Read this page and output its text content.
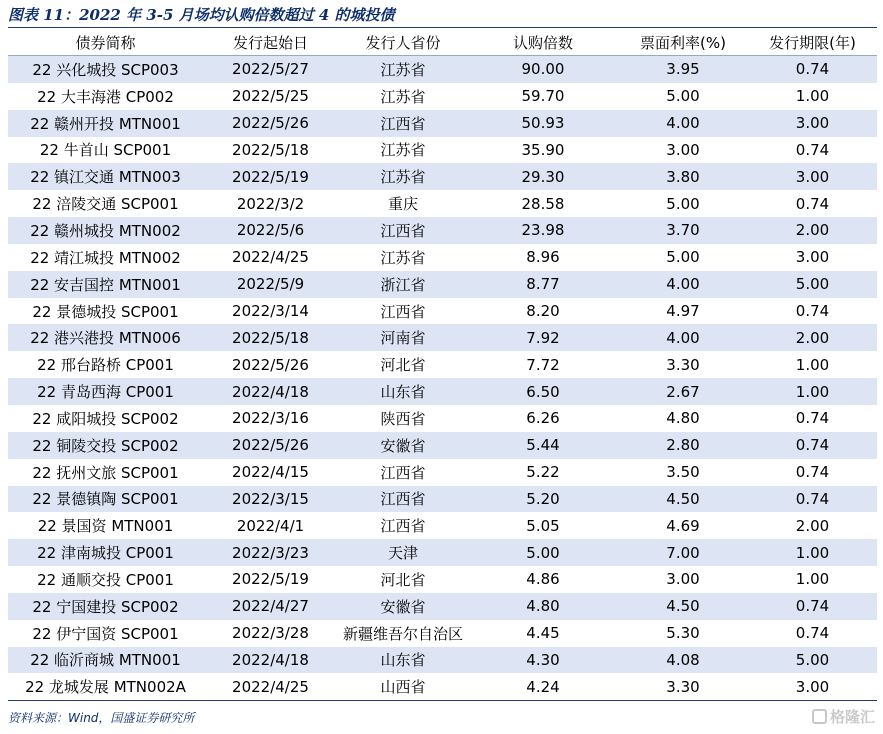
图表 11：2022 年 3-5 月场均认购倍数超过 4 的城投债
债券简称	发行起始日	发行人省份	认购倍数	票面利率(%)	发行期限(年)
22 兴化城投 SCP003	2022/5/27	江苏省	90.00	3.95	0.74
22 大丰海港 CP002	2022/5/25	江苏省	59.70	5.00	1.00
22 赣州开投 MTN001	2022/5/26	江西省	50.93	4.00	3.00
22 牛首山 SCP001	2022/5/18	江苏省	35.90	3.00	0.74
22 镇江交通 MTN003	2022/5/19	江苏省	29.30	3.80	3.00
22 涪陵交通 SCP001	2022/3/2	重庆	28.58	5.00	0.74
22 赣州城投 MTN002	2022/5/6	江西省	23.98	3.70	2.00
22 靖江城投 MTN002	2022/4/25	江苏省	8.96	5.00	3.00
22 安吉国控 MTN001	2022/5/9	浙江省	8.77	4.00	5.00
22 景德城投 SCP001	2022/3/14	江西省	8.20	4.97	0.74
22 港兴港投 MTN006	2022/5/18	河南省	7.92	4.00	2.00
22 邢台路桥 CP001	2022/5/26	河北省	7.72	3.30	1.00
22 青岛西海 CP001	2022/4/18	山东省	6.50	2.67	1.00
22 咸阳城投 SCP002	2022/3/16	陕西省	6.26	4.80	0.74
22 铜陵交投 SCP002	2022/5/26	安徽省	5.44	2.80	0.74
22 抚州文旅 SCP001	2022/4/15	江西省	5.22	3.50	0.74
22 景德镇陶 SCP001	2022/3/15	江西省	5.20	4.50	0.74
22 景国资 MTN001	2022/4/1	江西省	5.05	4.69	2.00
22 津南城投 CP001	2022/3/23	天津	5.00	7.00	1.00
22 通顺交投 CP001	2022/5/19	河北省	4.86	3.00	1.00
22 宁国建投 SCP002	2022/4/27	安徽省	4.80	4.50	0.74
22 伊宁国资 SCP001	2022/3/28	新疆维吾尔自治区	4.45	5.30	0.74
22 临沂商城 MTN001	2022/4/18	山东省	4.30	4.08	5.00
22 龙城发展 MTN002A	2022/4/25	山西省	4.24	3.30	3.00
资料来源：Wind，国盛证券研究所	格隆汇
